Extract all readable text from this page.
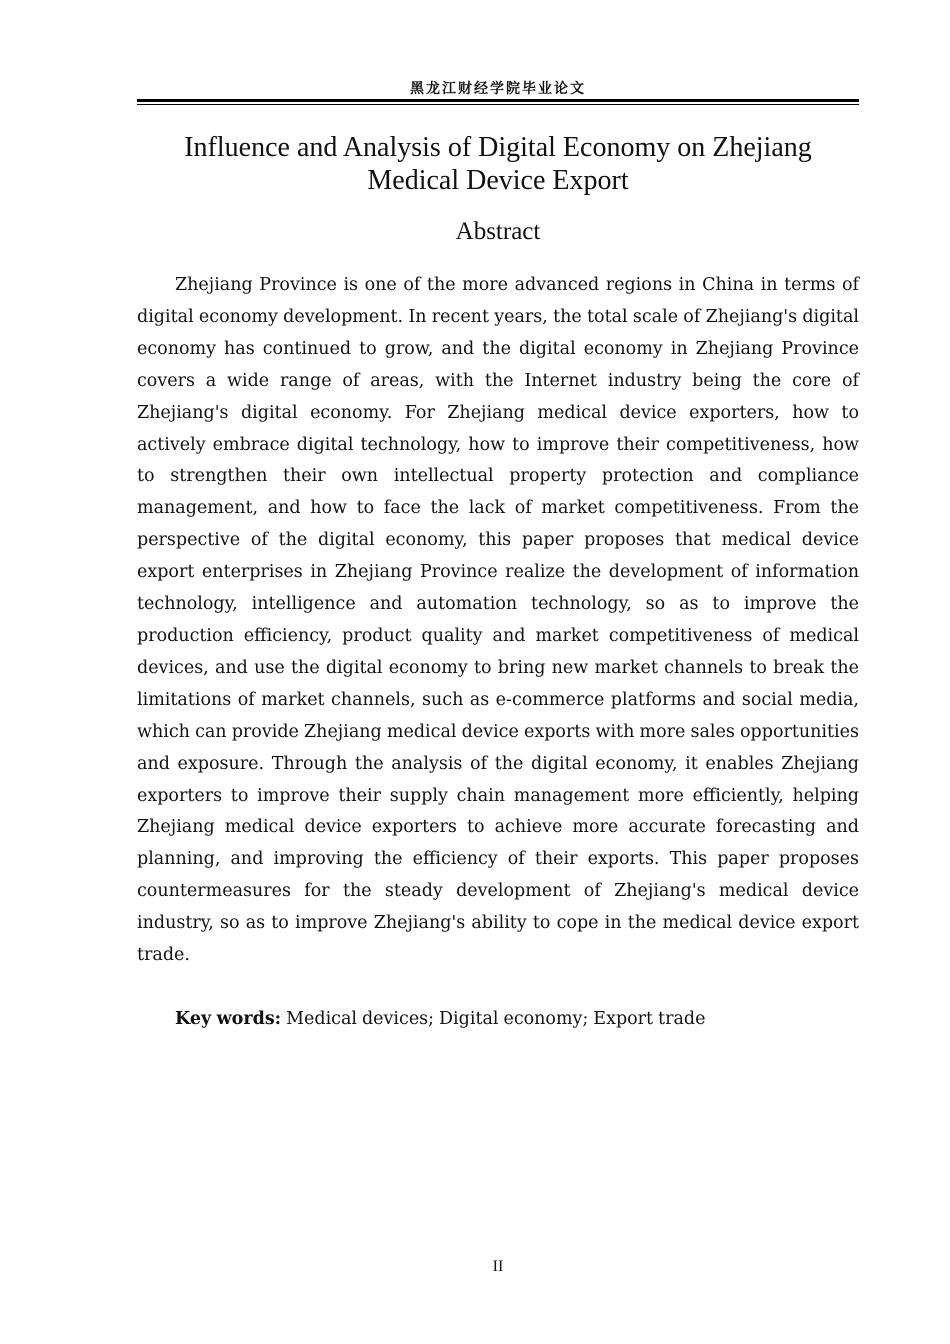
黑龙江财经学院毕业论文
Influence and Analysis of Digital Economy on Zhejiang Medical Device Export
Abstract

Zhejiang Province is one of the more advanced regions in China in terms of digital economy development. In recent years, the total scale of Zhejiang's digital economy has continued to grow, and the digital economy in Zhejiang Province covers a wide range of areas, with the Internet industry being the core of Zhejiang's digital economy. For Zhejiang medical device exporters, how to actively embrace digital technology, how to improve their competitiveness, how to strengthen their own intellectual property protection and compliance management, and how to face the lack of market competitiveness. From the perspective of the digital economy, this paper proposes that medical device export enterprises in Zhejiang Province realize the development of information technology, intelligence and automation technology, so as to improve the production efficiency, product quality and market competitiveness of medical devices, and use the digital economy to bring new market channels to break the limitations of market channels, such as e-commerce platforms and social media, which can provide Zhejiang medical device exports with more sales opportunities and exposure. Through the analysis of the digital economy, it enables Zhejiang exporters to improve their supply chain management more efficiently, helping Zhejiang medical device exporters to achieve more accurate forecasting and planning, and improving the efficiency of their exports. This paper proposes countermeasures for the steady development of Zhejiang's medical device industry, so as to improve Zhejiang's ability to cope in the medical device export trade.

Key words: Medical devices; Digital economy; Export trade

II
